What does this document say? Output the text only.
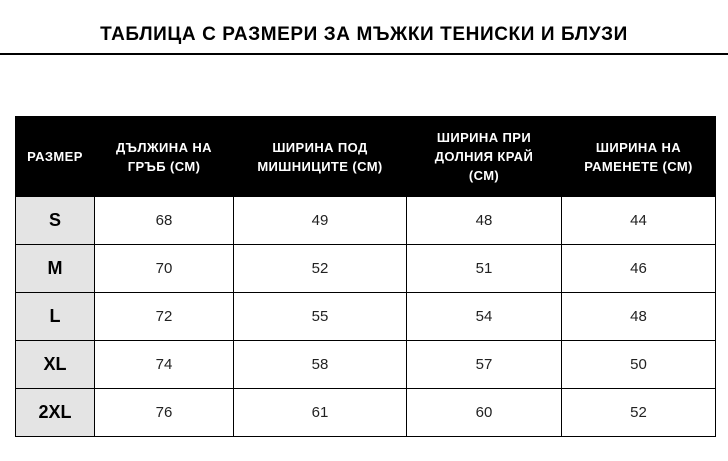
ТАБЛИЦА С РАЗМЕРИ ЗА МЪЖКИ ТЕНИСКИ И БЛУЗИ
РАЗМЕР	ДЪЛЖИНА НА ГРЪБ (СМ)	ШИРИНА ПОД МИШНИЦИТЕ (СМ)	ШИРИНА ПРИ ДОЛНИЯ КРАЙ (СМ)	ШИРИНА НА РАМЕНЕТЕ (СМ)
S	68	49	48	44
M	70	52	51	46
L	72	55	54	48
XL	74	58	57	50
2XL	76	61	60	52
